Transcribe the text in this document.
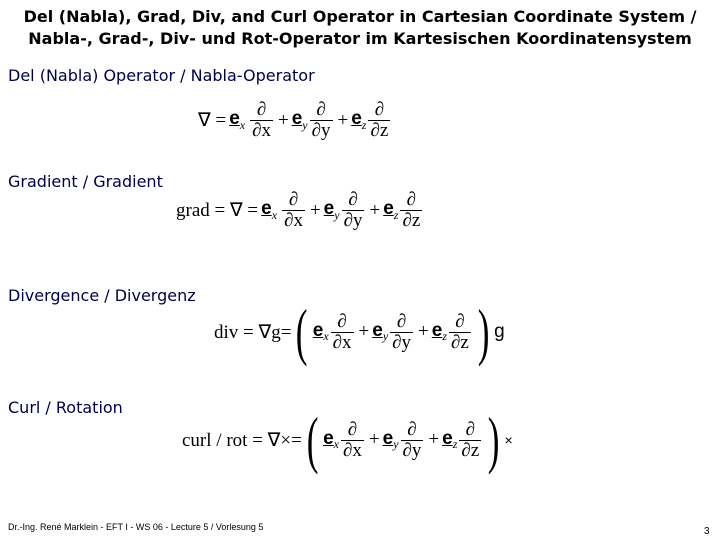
Del (Nabla), Grad, Div, and Curl Operator in Cartesian Coordinate System /
Nabla-, Grad-, Div- und Rot-Operator im Kartesischen Koordinatensystem
Del (Nabla) Operator / Nabla-Operator
∇ = $e_x \frac{\partial}{\partial x} + e_y \frac{\partial}{\partial y} + e_z \frac{\partial}{\partial z}$
Gradient / Gradient
grad = ∇ = $e_x \frac{\partial}{\partial x} + e_y \frac{\partial}{\partial y} + e_z \frac{\partial}{\partial z}$
Divergence / Divergenz
div = ∇g= ( $e_x \frac{\partial}{\partial x} + e_y \frac{\partial}{\partial y} + e_z \frac{\partial}{\partial z}$ ) g
Curl / Rotation
curl / rot = ∇×= ( $e_x \frac{\partial}{\partial x} + e_y \frac{\partial}{\partial y} + e_z \frac{\partial}{\partial z}$ ) ×
Dr.-Ing. René Marklein - EFT I - WS 06 - Lecture 5 / Vorlesung 5	3
